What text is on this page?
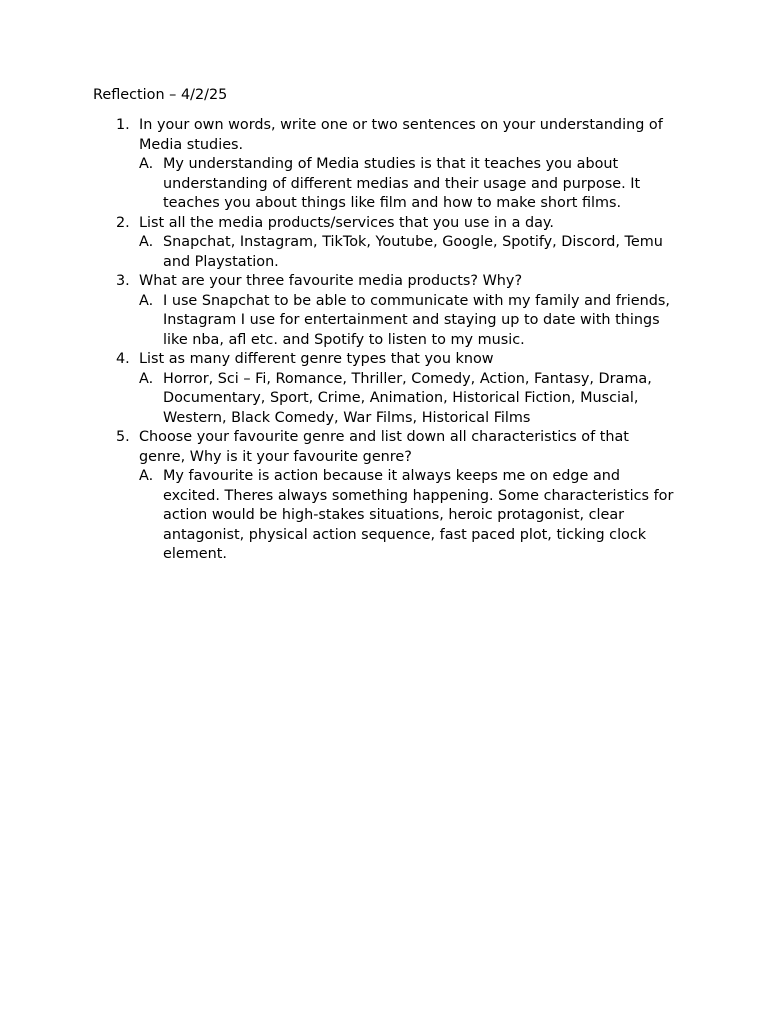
Reflection – 4/2/25
1. In your own words, write one or two sentences on your understanding of Media studies.
A. My understanding of Media studies is that it teaches you about understanding of different medias and their usage and purpose. It teaches you about things like film and how to make short films.
2. List all the media products/services that you use in a day.
A. Snapchat, Instagram, TikTok, Youtube, Google, Spotify, Discord, Temu and Playstation.
3. What are your three favourite media products? Why?
A. I use Snapchat to be able to communicate with my family and friends, Instagram I use for entertainment and staying up to date with things like nba, afl etc. and Spotify to listen to my music.
4. List as many different genre types that you know
A. Horror, Sci – Fi, Romance, Thriller, Comedy, Action, Fantasy, Drama, Documentary, Sport, Crime, Animation, Historical Fiction, Muscial, Western, Black Comedy, War Films, Historical Films
5. Choose your favourite genre and list down all characteristics of that genre, Why is it your favourite genre?
A. My favourite is action because it always keeps me on edge and excited. Theres always something happening. Some characteristics for action would be high-stakes situations, heroic protagonist, clear antagonist, physical action sequence, fast paced plot, ticking clock element.
